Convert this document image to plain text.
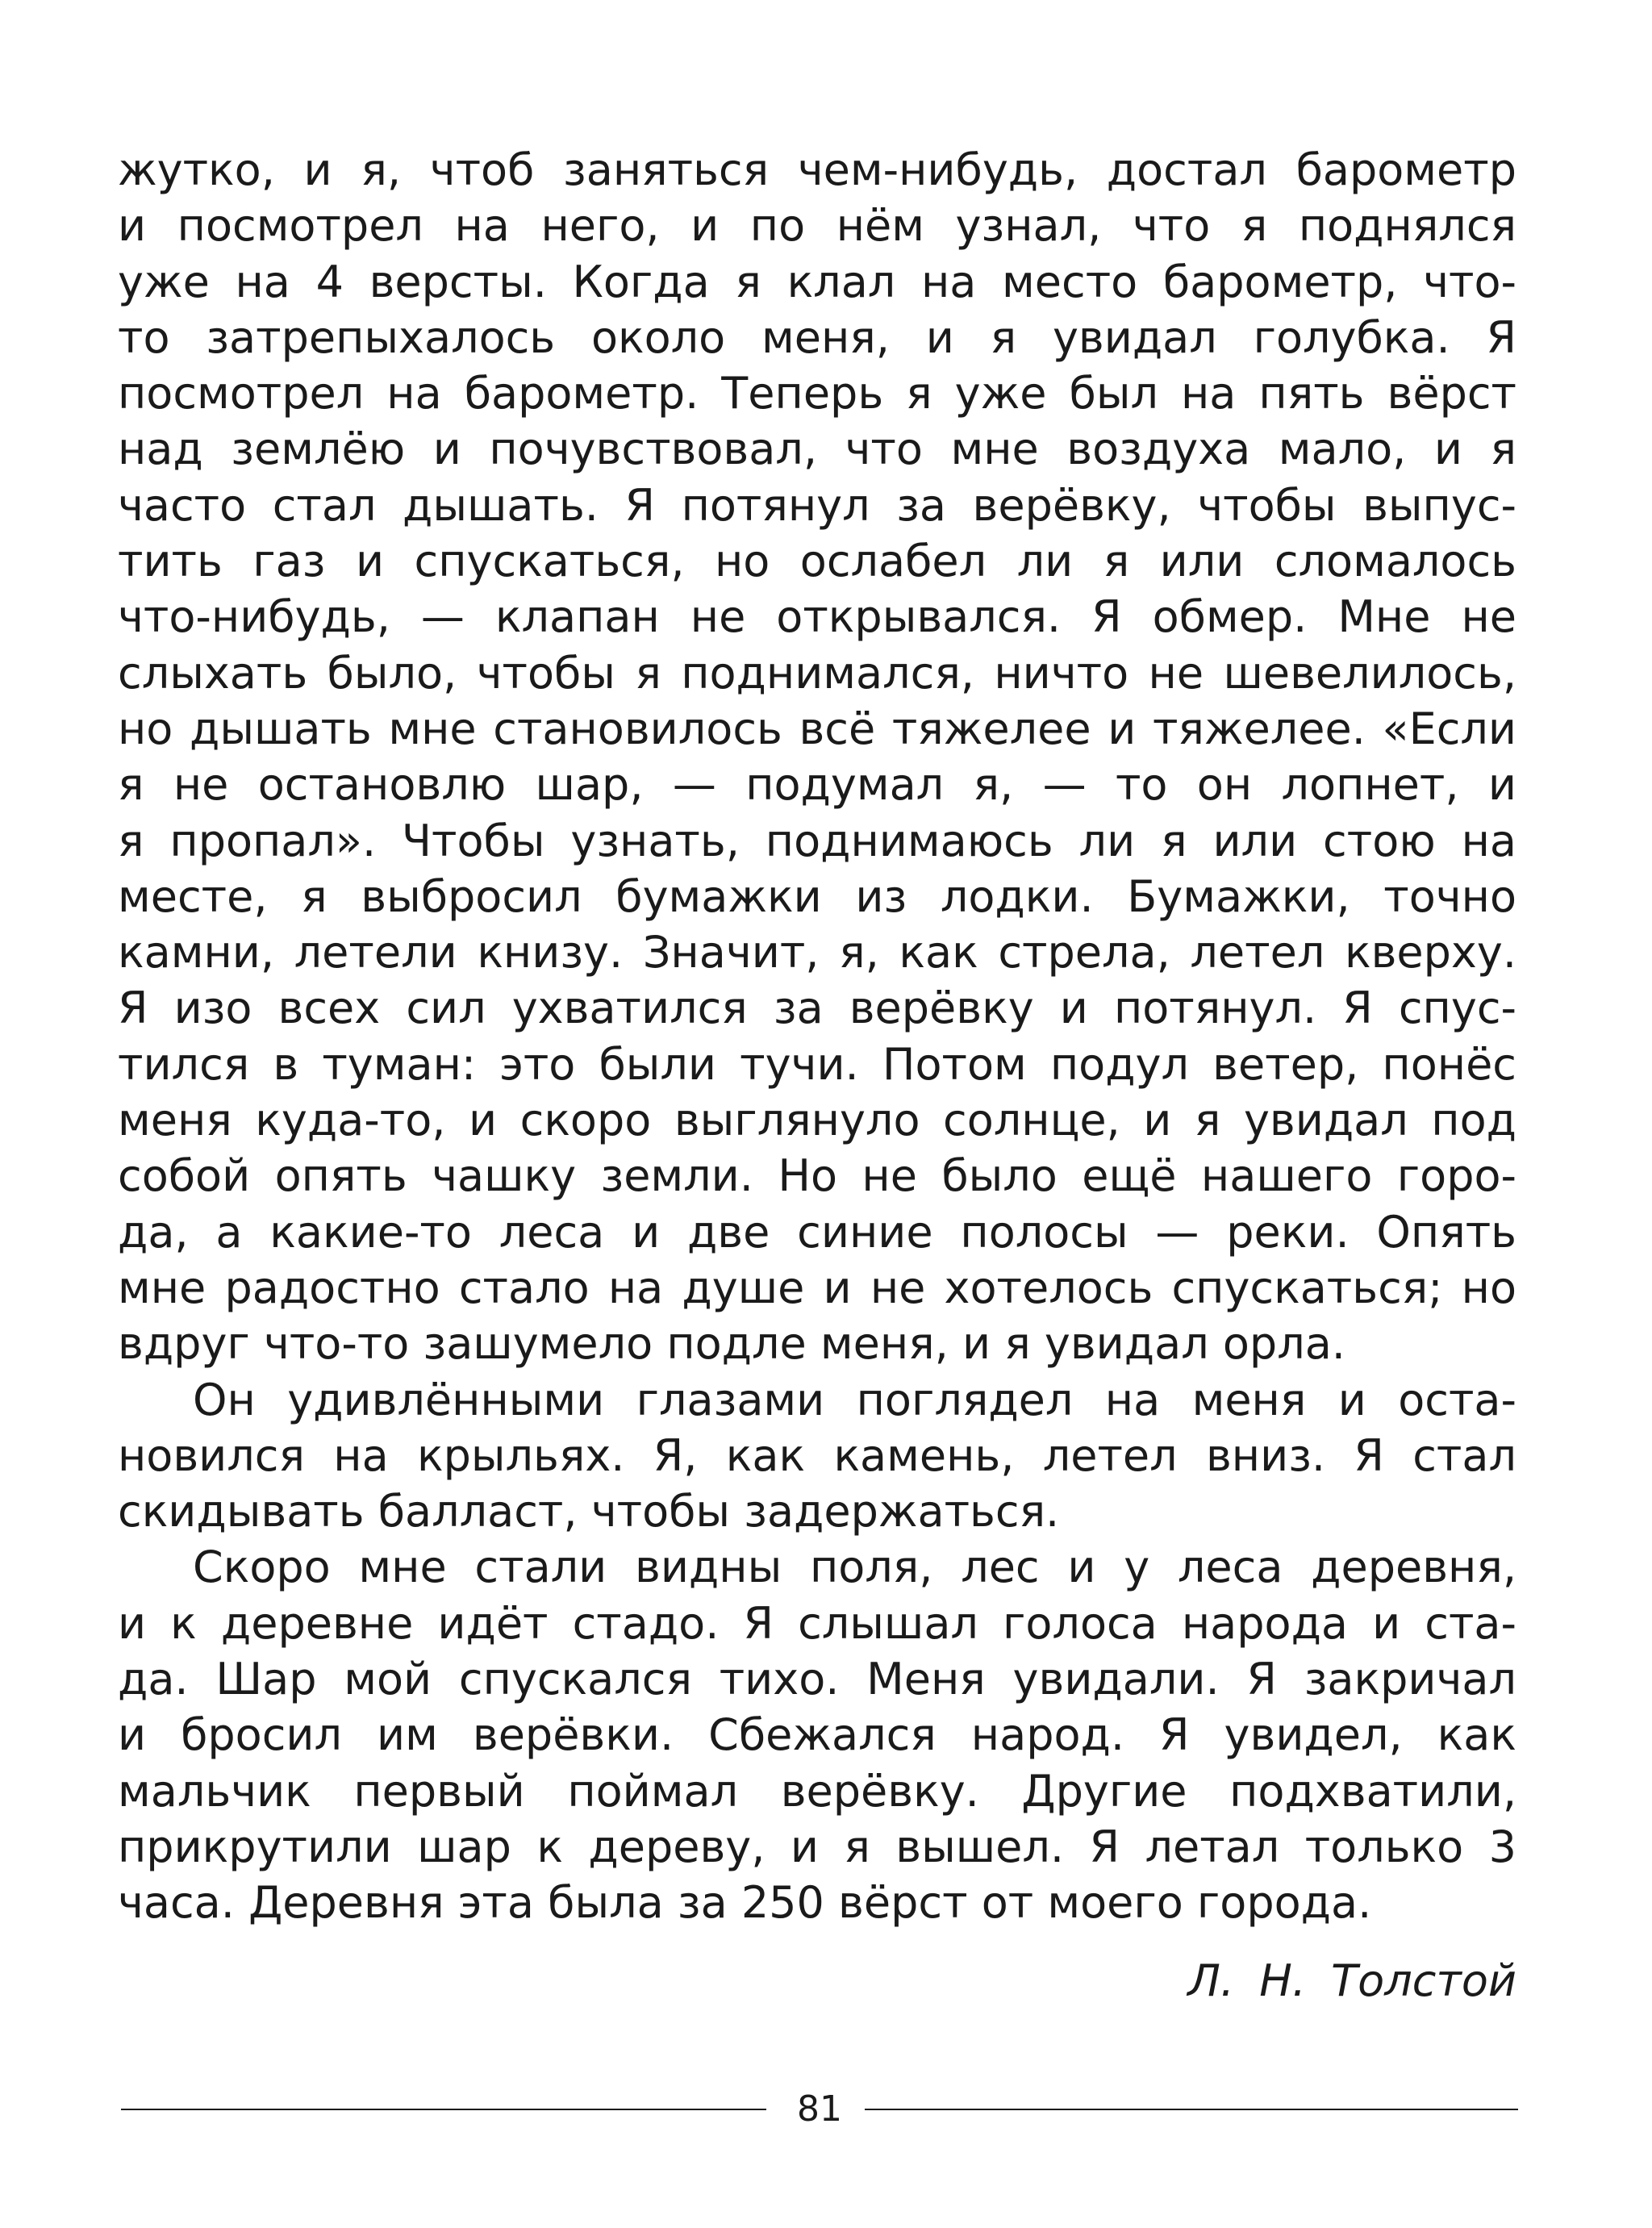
жутко, и я, чтоб заняться чем-нибудь, достал барометр
и посмотрел на него, и по нём узнал, что я поднялся
уже на 4 версты. Когда я клал на место барометр, что-
то затрепыхалось около меня, и я увидал голубка. Я
посмотрел на барометр. Теперь я уже был на пять вёрст
над землёю и почувствовал, что мне воздуха мало, и я
часто стал дышать. Я потянул за верёвку, чтобы выпус-
тить газ и спускаться, но ослабел ли я или сломалось
что-нибудь, — клапан не открывался. Я обмер. Мне не
слыхать было, чтобы я поднимался, ничто не шевелилось,
но дышать мне становилось всё тяжелее и тяжелее. «Если
я не остановлю шар, — подумал я, — то он лопнет, и
я пропал». Чтобы узнать, поднимаюсь ли я или стою на
месте, я выбросил бумажки из лодки. Бумажки, точно
камни, летели книзу. Значит, я, как стрела, летел кверху.
Я изо всех сил ухватился за верёвку и потянул. Я спус-
тился в туман: это были тучи. Потом подул ветер, понёс
меня куда-то, и скоро выглянуло солнце, и я увидал под
собой опять чашку земли. Но не было ещё нашего горо-
да, а какие-то леса и две синие полосы — реки. Опять
мне радостно стало на душе и не хотелось спускаться; но
вдруг что-то зашумело подле меня, и я увидал орла.
Он удивлёнными глазами поглядел на меня и оста-
новился на крыльях. Я, как камень, летел вниз. Я стал
скидывать балласт, чтобы задержаться.
Скоро мне стали видны поля, лес и у леса деревня,
и к деревне идёт стадо. Я слышал голоса народа и ста-
да. Шар мой спускался тихо. Меня увидали. Я закричал
и бросил им верёвки. Сбежался народ. Я увидел, как
мальчик первый поймал верёвку. Другие подхватили,
прикрутили шар к дереву, и я вышел. Я летал только 3
часа. Деревня эта была за 250 вёрст от моего города.
Л. Н. Толстой
81
